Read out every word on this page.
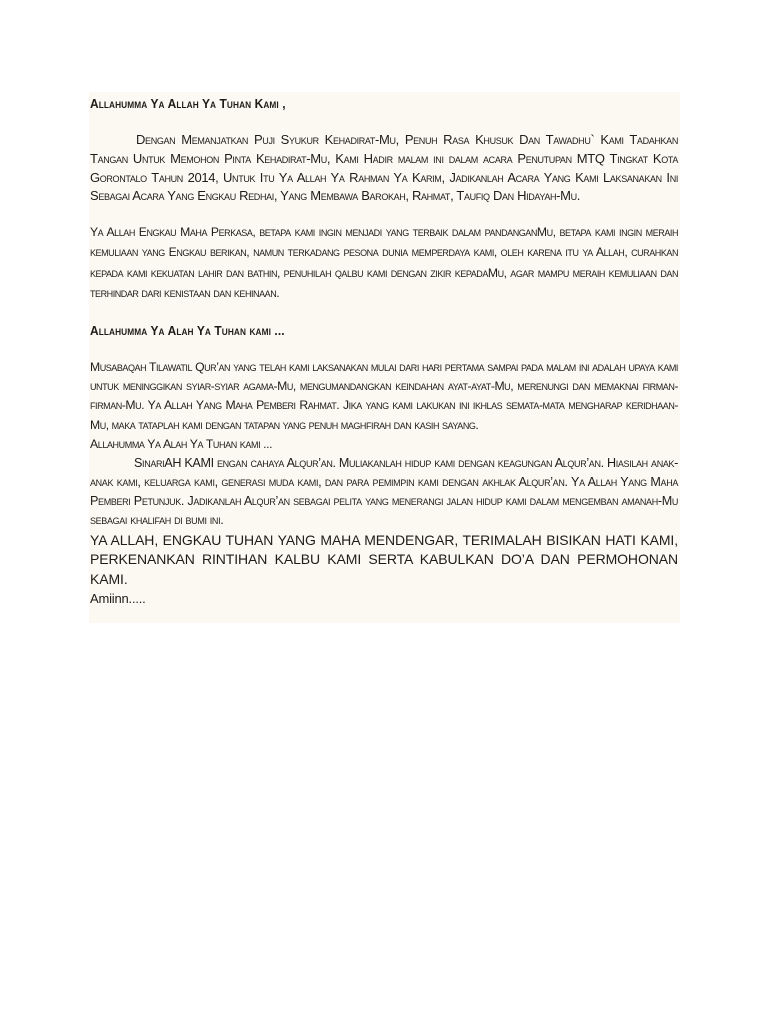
Allahumma Ya Allah Ya Tuhan Kami ,

Dengan Memanjatkan Puji Syukur Kehadirat-Mu, Penuh Rasa Khusuk Dan Tawadhu` Kami Tadahkan Tangan Untuk Memohon Pinta Kehadirat-Mu, Kami Hadir malam ini dalam acara Penutupan MTQ Tingkat Kota Gorontalo Tahun 2014, Untuk Itu Ya Allah Ya Rahman Ya Karim, Jadikanlah Acara Yang Kami Laksanakan Ini Sebagai Acara Yang Engkau Redhai, Yang Membawa Barokah, Rahmat, Taufiq Dan Hidayah-Mu.

Ya Allah Engkau Maha Perkasa, betapa kami ingin menjadi yang terbaik dalam pandanganMu, betapa kami ingin meraih kemuliaan yang Engkau berikan, namun terkadang pesona dunia memperdaya kami, oleh karena itu ya Allah, curahkan kepada kami kekuatan lahir dan bathin, penuhilah qalbu kami dengan zikir kepadaMu, agar mampu meraih kemuliaan dan terhindar dari kenistaan dan kehinaan.

Allahumma Ya Alah Ya Tuhan kami ...

Musabaqah Tilawatil Qur’an yang telah kami laksanakan mulai dari hari pertama sampai pada malam ini adalah upaya kami untuk meninggikan syiar-syiar agama-Mu, mengumandangkan keindahan ayat-ayat-Mu, merenungi dan memaknai firman-firman-Mu. Ya Allah Yang Maha Pemberi Rahmat. Jika yang kami lakukan ini ikhlas semata-mata mengharap keridhaan-Mu, maka tataplah kami dengan tatapan yang penuh maghfirah dan kasih sayang.

Allahumma Ya Alah Ya Tuhan kami ...

SinariAH KAMI engan cahaya Alqur’an. Muliakanlah hidup kami dengan keagungan Alqur’an. Hiasilah anak-anak kami, keluarga kami, generasi muda kami, dan para pemimpin kami dengan akhlak Alqur’an. Ya Allah Yang Maha Pemberi Petunjuk. Jadikanlah Alqur’an sebagai pelita yang menerangi jalan hidup kami dalam mengemban amanah-Mu sebagai khalifah di bumi ini.

YA ALLAH, ENGKAU TUHAN YANG MAHA MENDENGAR, TERIMALAH BISIKAN HATI KAMI, PERKENANKAN RINTIHAN KALBU KAMI SERTA KABULKAN DO’A DAN PERMOHONAN KAMI.

Amiinn.....
